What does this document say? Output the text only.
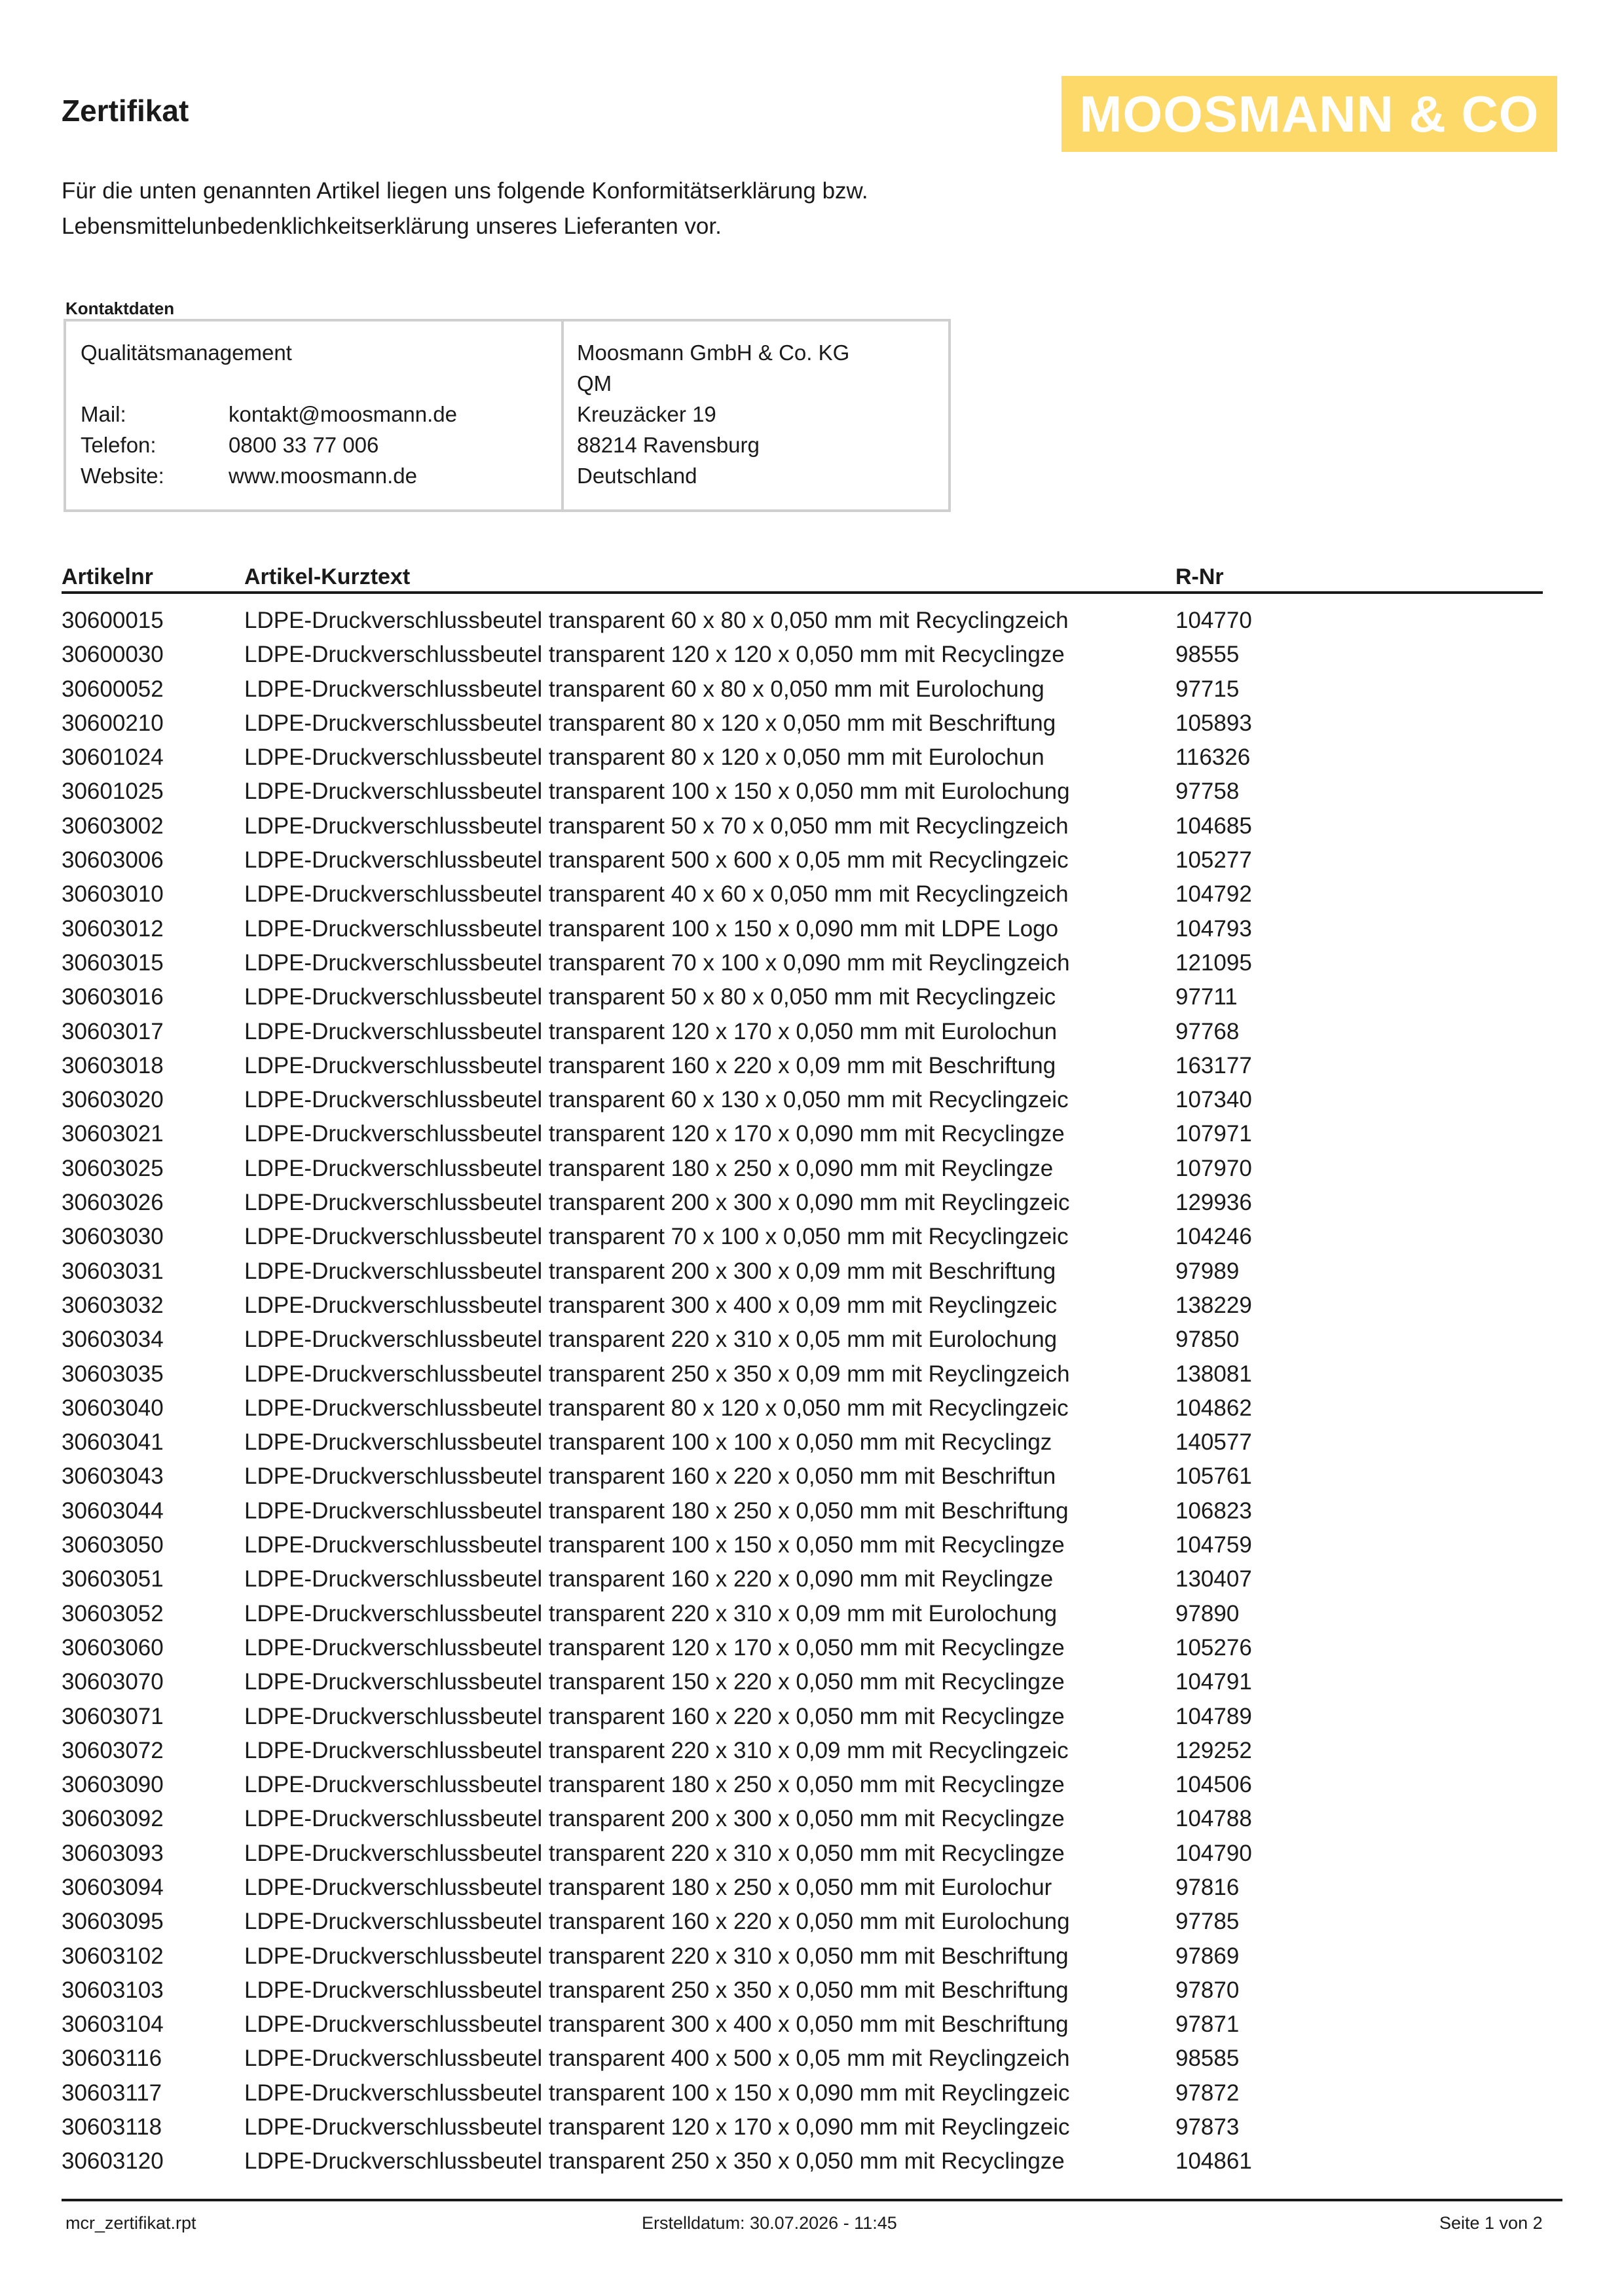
Zertifikat	MOOSMANN & CO

Für die unten genannten Artikel liegen uns folgende Konformitätserklärung bzw.
Lebensmittelunbedenklichkeitserklärung unseres Lieferanten vor.

Kontaktdaten
Qualitätsmanagement
Mail:	kontakt@moosmann.de
Telefon:	0800 33 77 006
Website:	www.moosmann.de
Moosmann GmbH & Co. KG
QM
Kreuzäcker 19
88214 Ravensburg
Deutschland
Artikelnr	Artikel-Kurztext	R-Nr
30600015	LDPE-Druckverschlussbeutel transparent 60 x 80 x 0,050 mm mit Recyclingzeich	104770
30600030	LDPE-Druckverschlussbeutel transparent 120 x 120 x 0,050 mm mit Recyclingze	98555
30600052	LDPE-Druckverschlussbeutel transparent 60 x 80 x 0,050 mm mit Eurolochung	97715
30600210	LDPE-Druckverschlussbeutel transparent 80 x 120 x 0,050 mm mit Beschriftung	105893
30601024	LDPE-Druckverschlussbeutel transparent 80 x 120 x 0,050 mm mit Eurolochun	116326
30601025	LDPE-Druckverschlussbeutel transparent 100 x 150 x 0,050 mm mit Eurolochung	97758
30603002	LDPE-Druckverschlussbeutel transparent 50 x 70 x 0,050 mm mit Recyclingzeich	104685
30603006	LDPE-Druckverschlussbeutel transparent 500 x 600 x 0,05 mm mit Recyclingzeic	105277
30603010	LDPE-Druckverschlussbeutel transparent 40 x 60 x 0,050 mm mit Recyclingzeich	104792
30603012	LDPE-Druckverschlussbeutel transparent 100 x 150 x 0,090 mm mit LDPE Logo	104793
30603015	LDPE-Druckverschlussbeutel transparent 70 x 100 x 0,090 mm mit Reyclingzeich	121095
30603016	LDPE-Druckverschlussbeutel transparent 50 x 80 x 0,050 mm mit Recyclingzeic	97711
30603017	LDPE-Druckverschlussbeutel transparent 120 x 170 x 0,050 mm mit Eurolochun	97768
30603018	LDPE-Druckverschlussbeutel transparent 160 x 220 x 0,09 mm mit Beschriftung	163177
30603020	LDPE-Druckverschlussbeutel transparent 60 x 130 x 0,050 mm mit Recyclingzeic	107340
30603021	LDPE-Druckverschlussbeutel transparent 120 x 170 x 0,090 mm mit Recyclingze	107971
30603025	LDPE-Druckverschlussbeutel transparent 180 x 250 x 0,090 mm mit Reyclingze	107970
30603026	LDPE-Druckverschlussbeutel transparent 200 x 300 x 0,090 mm mit Reyclingzeic	129936
30603030	LDPE-Druckverschlussbeutel transparent 70 x 100 x 0,050 mm mit Recyclingzeic	104246
30603031	LDPE-Druckverschlussbeutel transparent 200 x 300 x 0,09 mm mit Beschriftung	97989
30603032	LDPE-Druckverschlussbeutel transparent 300 x 400 x 0,09 mm mit Reyclingzeic	138229
30603034	LDPE-Druckverschlussbeutel transparent 220 x 310 x 0,05 mm mit Eurolochung	97850
30603035	LDPE-Druckverschlussbeutel transparent 250 x 350 x 0,09 mm mit Reyclingzeich	138081
30603040	LDPE-Druckverschlussbeutel transparent 80 x 120 x 0,050 mm mit Recyclingzeic	104862
30603041	LDPE-Druckverschlussbeutel transparent 100 x 100 x 0,050 mm mit Recyclingz	140577
30603043	LDPE-Druckverschlussbeutel transparent 160 x 220 x 0,050 mm mit Beschriftun	105761
30603044	LDPE-Druckverschlussbeutel transparent 180 x 250 x 0,050 mm mit Beschriftung	106823
30603050	LDPE-Druckverschlussbeutel transparent 100 x 150 x 0,050 mm mit Recyclingze	104759
30603051	LDPE-Druckverschlussbeutel transparent 160 x 220 x 0,090 mm mit Reyclingze	130407
30603052	LDPE-Druckverschlussbeutel transparent 220 x 310 x 0,09 mm mit Eurolochung	97890
30603060	LDPE-Druckverschlussbeutel transparent 120 x 170 x 0,050 mm mit Recyclingze	105276
30603070	LDPE-Druckverschlussbeutel transparent 150 x 220 x 0,050 mm mit Recyclingze	104791
30603071	LDPE-Druckverschlussbeutel transparent 160 x 220 x 0,050 mm mit Recyclingze	104789
30603072	LDPE-Druckverschlussbeutel transparent 220 x 310 x 0,09 mm mit Recyclingzeic	129252
30603090	LDPE-Druckverschlussbeutel transparent 180 x 250 x 0,050 mm mit Recyclingze	104506
30603092	LDPE-Druckverschlussbeutel transparent 200 x 300 x 0,050 mm mit Recyclingze	104788
30603093	LDPE-Druckverschlussbeutel transparent 220 x 310 x 0,050 mm mit Recyclingze	104790
30603094	LDPE-Druckverschlussbeutel transparent 180 x 250 x 0,050 mm mit Eurolochur	97816
30603095	LDPE-Druckverschlussbeutel transparent 160 x 220 x 0,050 mm mit Eurolochung	97785
30603102	LDPE-Druckverschlussbeutel transparent 220 x 310 x 0,050 mm mit Beschriftung	97869
30603103	LDPE-Druckverschlussbeutel transparent 250 x 350 x 0,050 mm mit Beschriftung	97870
30603104	LDPE-Druckverschlussbeutel transparent 300 x 400 x 0,050 mm mit Beschriftung	97871
30603116	LDPE-Druckverschlussbeutel transparent 400 x 500 x 0,05 mm mit Reyclingzeich	98585
30603117	LDPE-Druckverschlussbeutel transparent 100 x 150 x 0,090 mm mit Reyclingzeic	97872
30603118	LDPE-Druckverschlussbeutel transparent 120 x 170 x 0,090 mm mit Reyclingzeic	97873
30603120	LDPE-Druckverschlussbeutel transparent 250 x 350 x 0,050 mm mit Recyclingze	104861
mcr_zertifikat.rpt	Erstelldatum: 30.07.2026 - 11:45	Seite 1 von 2
